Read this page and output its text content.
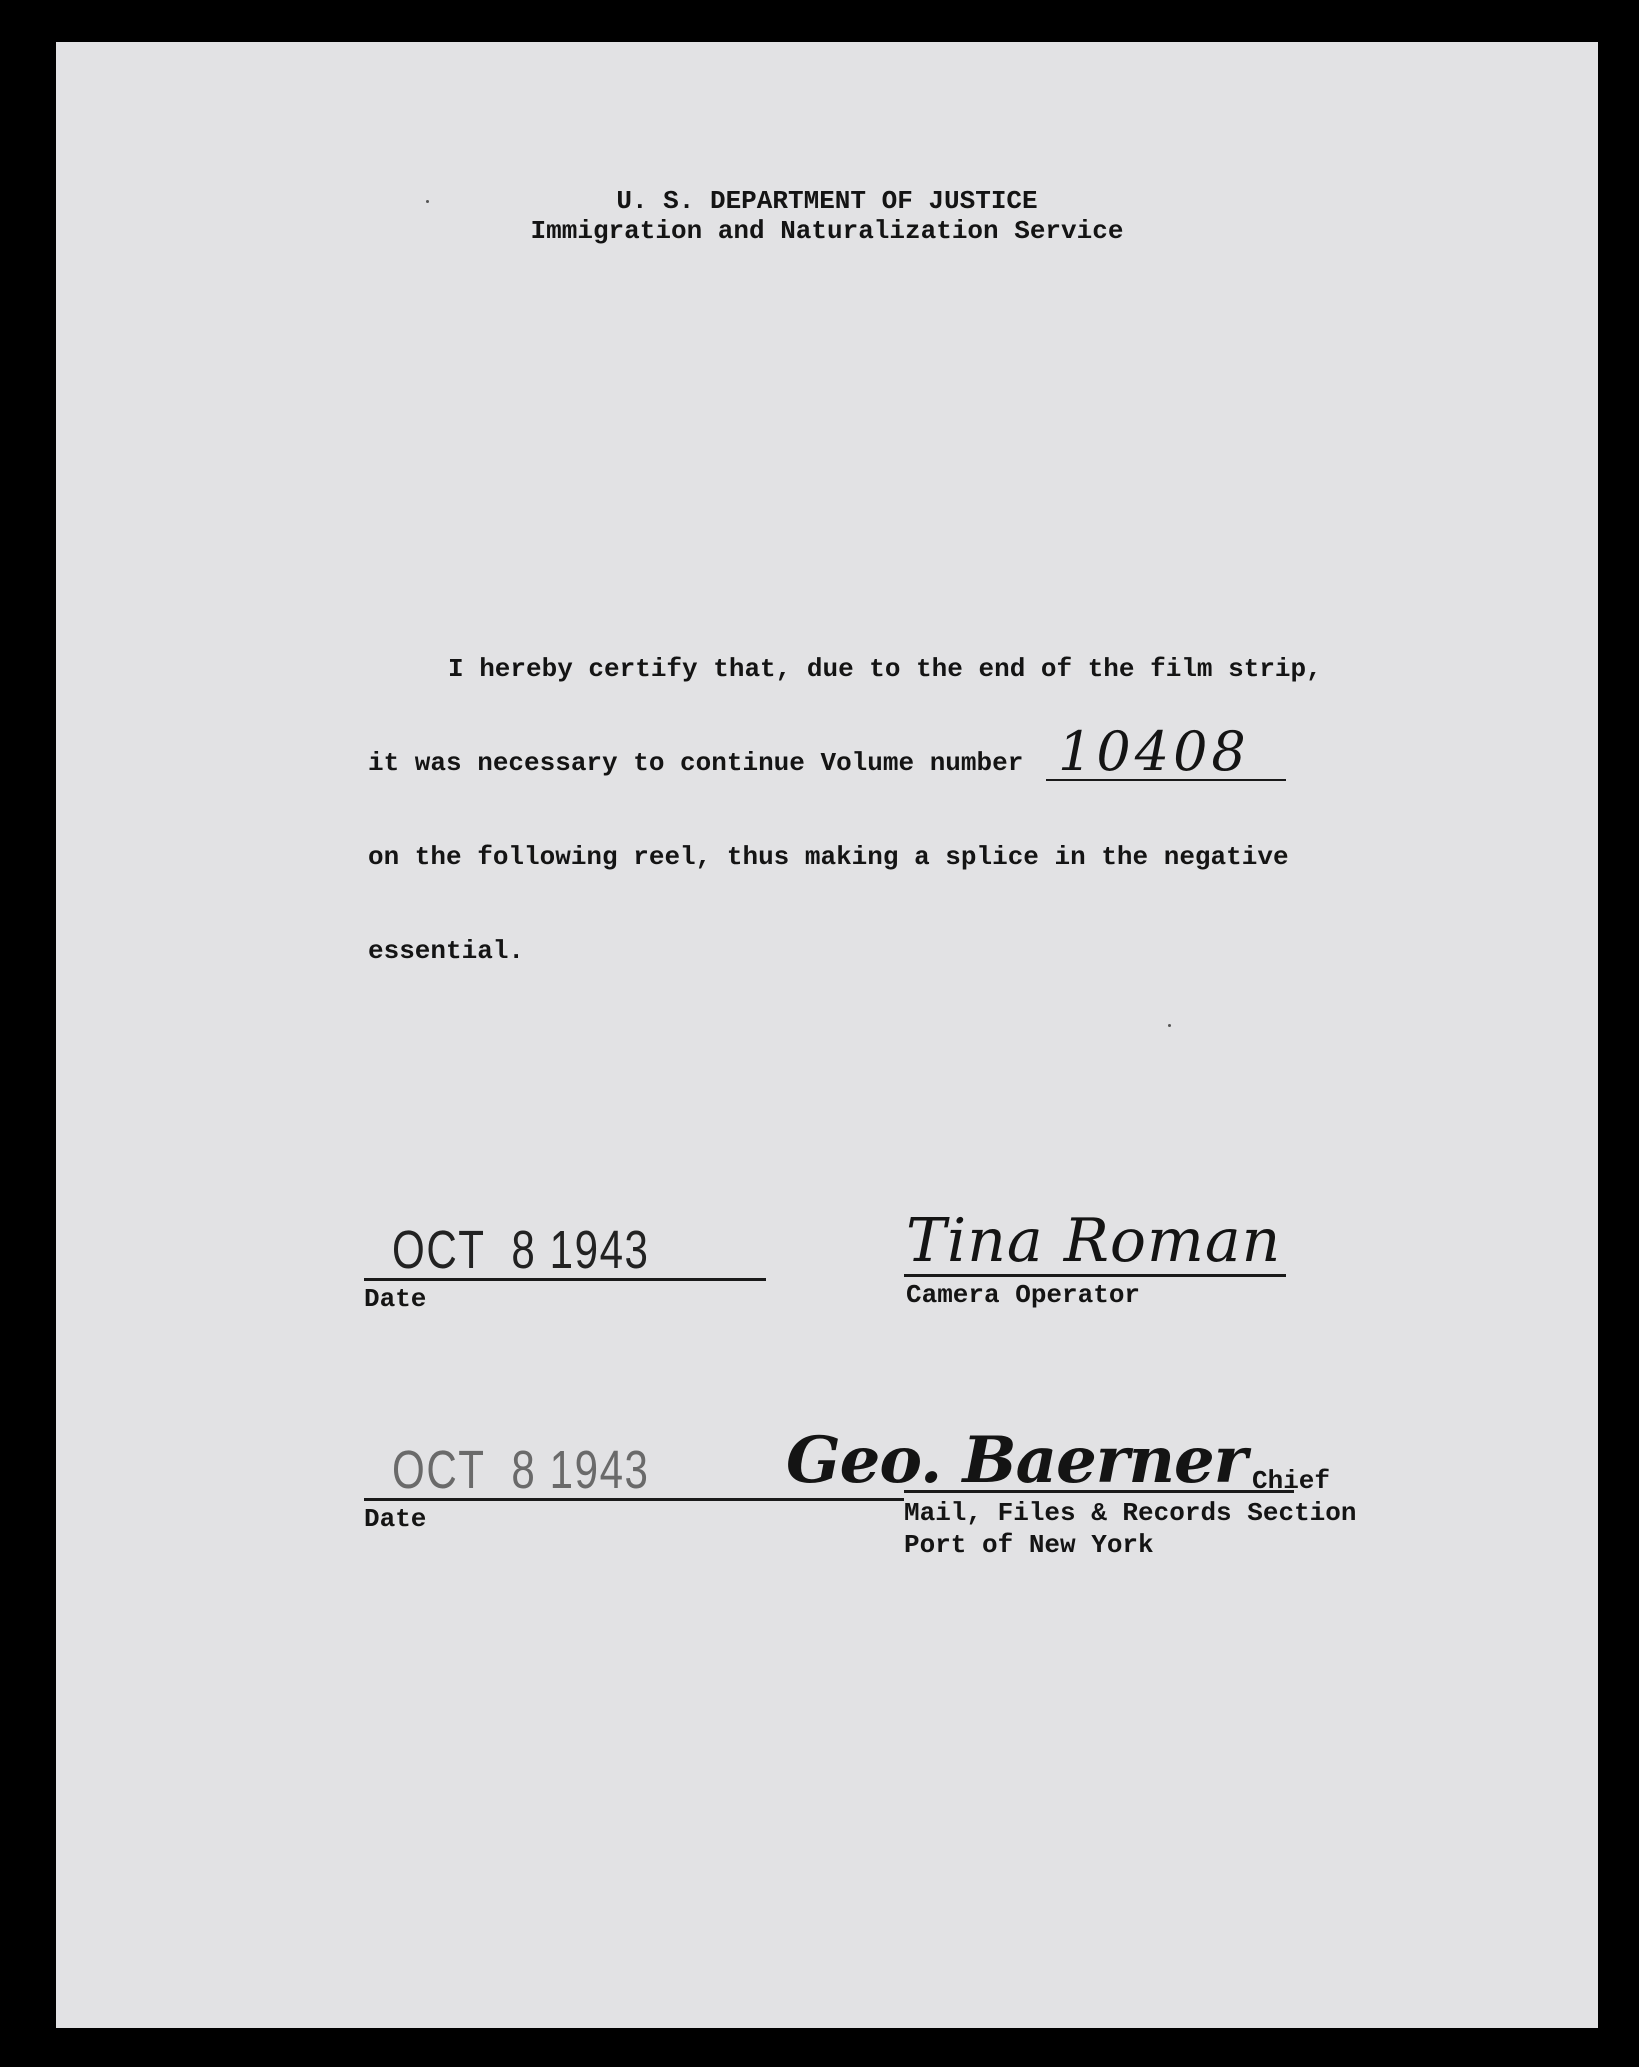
U. S. DEPARTMENT OF JUSTICE
Immigration and Naturalization Service
I hereby certify that, due to the end of the film strip,
it was necessary to continue Volume number 10408
on the following reel, thus making a splice in the negative
essential.
OCT  8 1943
Date
Tina Roman
Camera Operator
OCT  8 1943
Date
Geo. Baerner Chief
Mail, Files & Records Section
Port of New York
